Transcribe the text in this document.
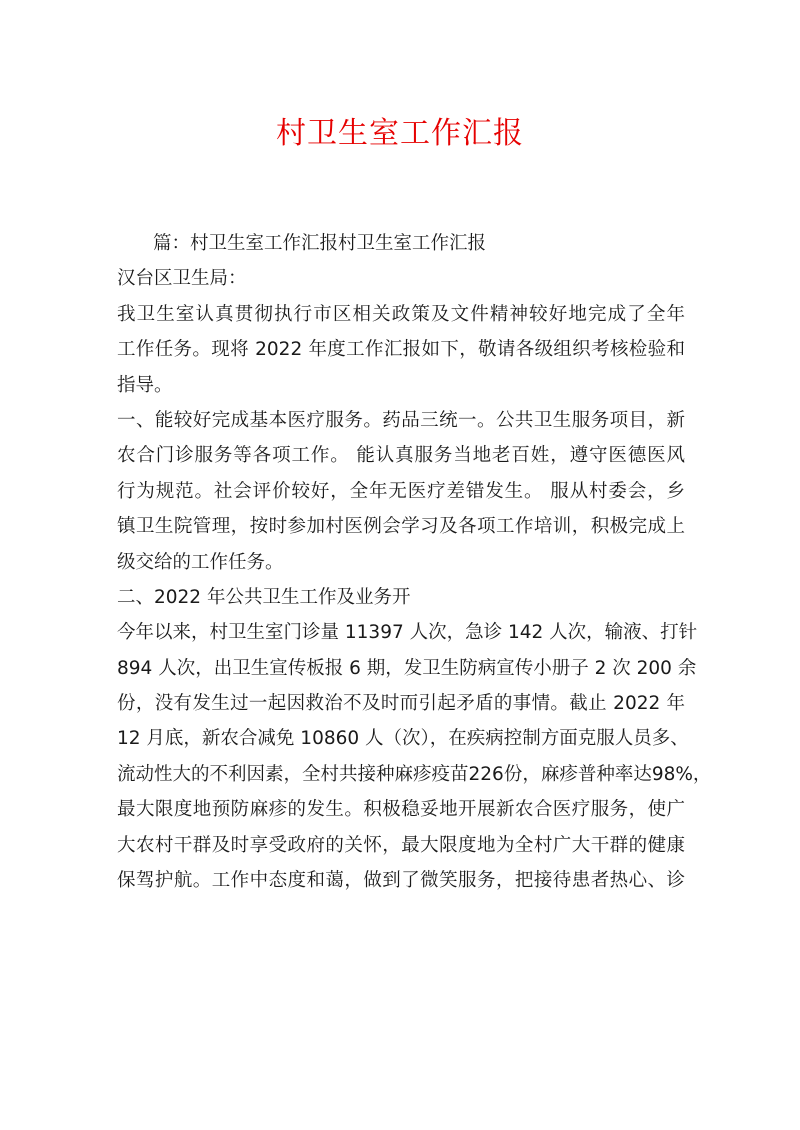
村卫生室工作汇报
篇：村卫生室工作汇报村卫生室工作汇报
汉台区卫生局：
我卫生室认真贯彻执行市区相关政策及文件精神较好地完成了全年
工作任务。现将 2022 年度工作汇报如下，敬请各级组织考核检验和
指导。
一、能较好完成基本医疗服务。药品三统一。公共卫生服务项目，新
农合门诊服务等各项工作。 能认真服务当地老百姓，遵守医德医风
行为规范。社会评价较好，全年无医疗差错发生。 服从村委会，乡
镇卫生院管理，按时参加村医例会学习及各项工作培训，积极完成上
级交给的工作任务。
二、2022 年公共卫生工作及业务开
今年以来，村卫生室门诊量 11397 人次，急诊 142 人次，输液、打针
894 人次，出卫生宣传板报 6 期，发卫生防病宣传小册子 2 次 200 余
份，没有发生过一起因救治不及时而引起矛盾的事情。截止 2022 年
12 月底，新农合减免 10860 人（次），在疾病控制方面克服人员多、
流动性大的不利因素，全村共接种麻疹疫苗226份，麻疹普种率达98%，
最大限度地预防麻疹的发生。积极稳妥地开展新农合医疗服务，使广
大农村干群及时享受政府的关怀，最大限度地为全村广大干群的健康
保驾护航。工作中态度和蔼，做到了微笑服务，把接待患者热心、诊
